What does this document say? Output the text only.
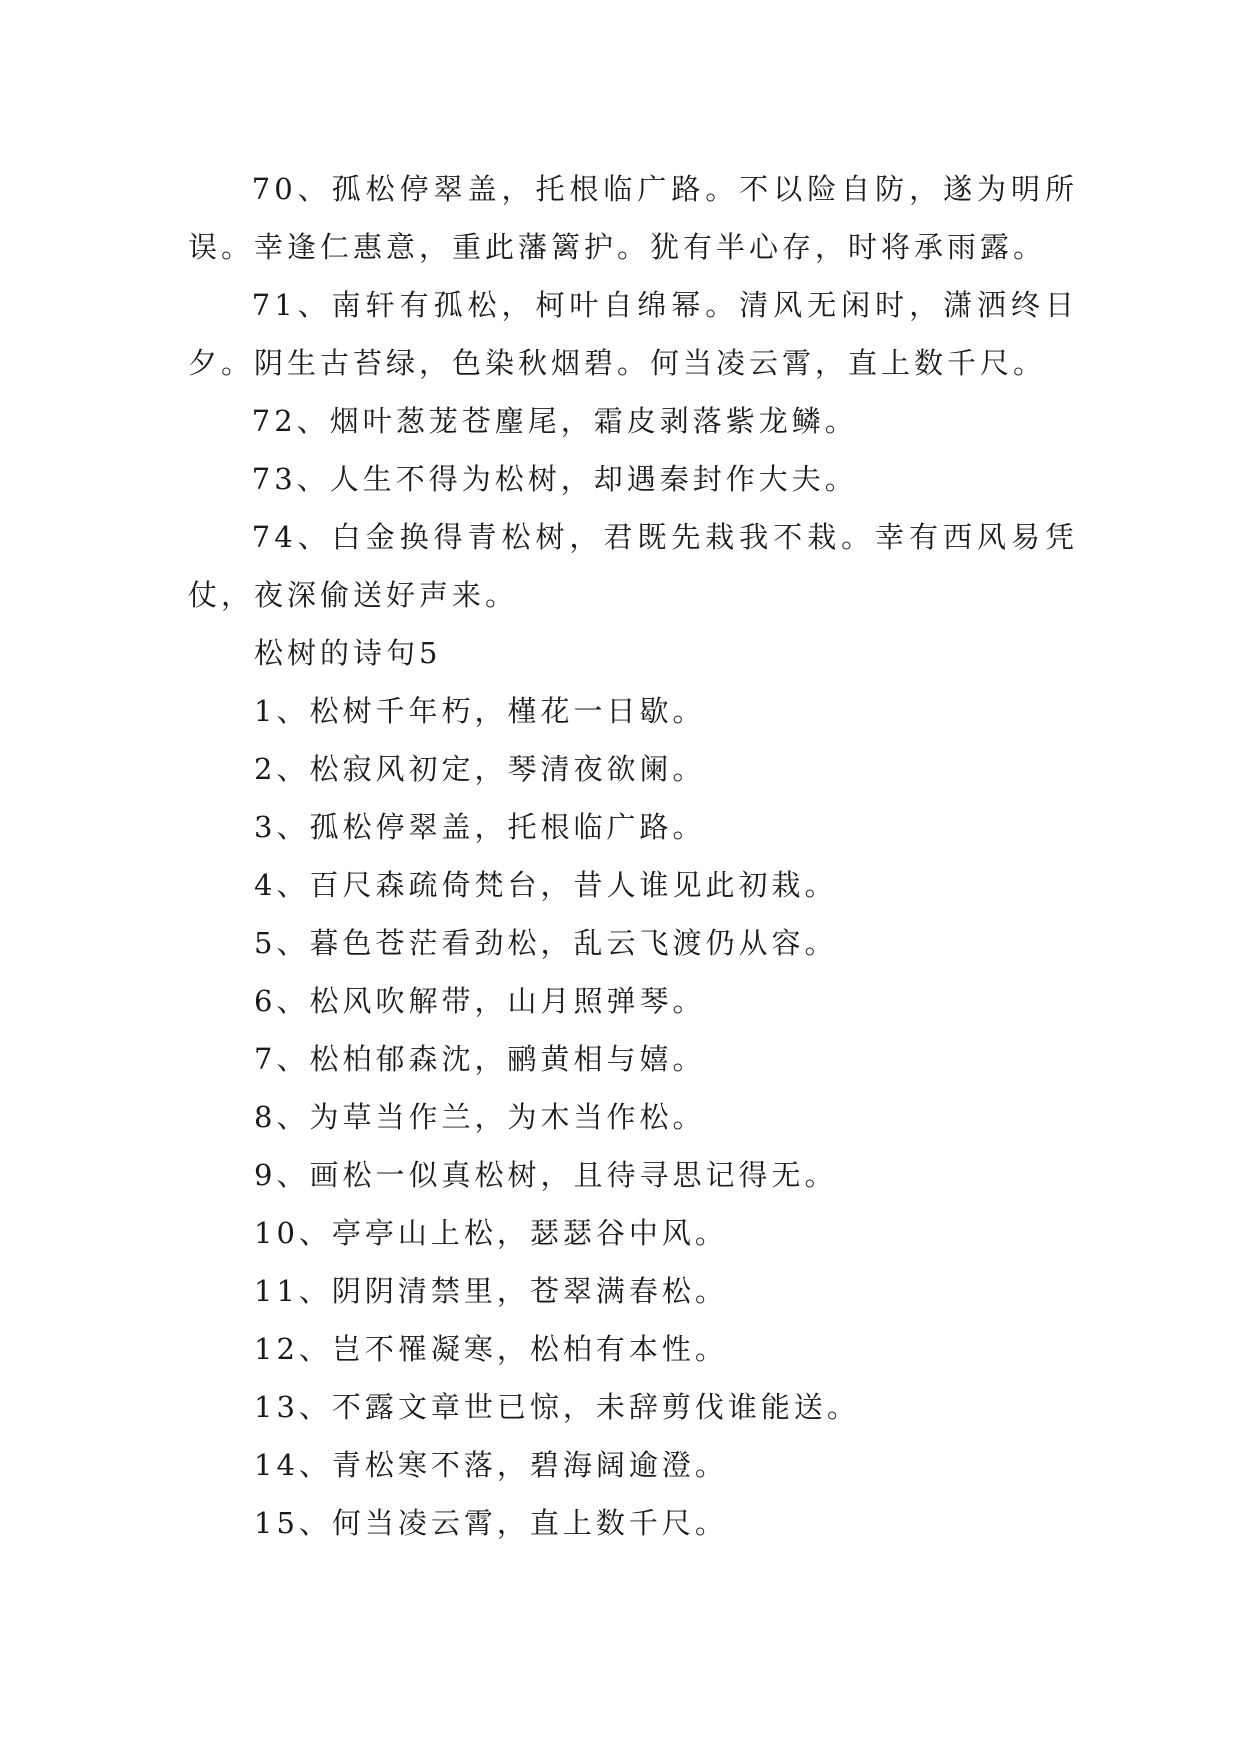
70、孤松停翠盖，托根临广路。不以险自防，遂为明所误。幸逢仁惠意，重此藩篱护。犹有半心存，时将承雨露。

71、南轩有孤松，柯叶自绵幂。清风无闲时，潇洒终日夕。阴生古苔绿，色染秋烟碧。何当凌云霄，直上数千尺。

72、烟叶葱茏苍麈尾，霜皮剥落紫龙鳞。

73、人生不得为松树，却遇秦封作大夫。

74、白金换得青松树，君既先栽我不栽。幸有西风易凭仗，夜深偷送好声来。

松树的诗句5

1、松树千年朽，槿花一日歇。

2、松寂风初定，琴清夜欲阑。

3、孤松停翠盖，托根临广路。

4、百尺森疏倚梵台，昔人谁见此初栽。

5、暮色苍茫看劲松，乱云飞渡仍从容。

6、松风吹解带，山月照弹琴。

7、松柏郁森沈，鹂黄相与嬉。

8、为草当作兰，为木当作松。

9、画松一似真松树，且待寻思记得无。

10、亭亭山上松，瑟瑟谷中风。

11、阴阴清禁里，苍翠满春松。

12、岂不罹凝寒，松柏有本性。

13、不露文章世已惊，未辞剪伐谁能送。

14、青松寒不落，碧海阔逾澄。

15、何当凌云霄，直上数千尺。
